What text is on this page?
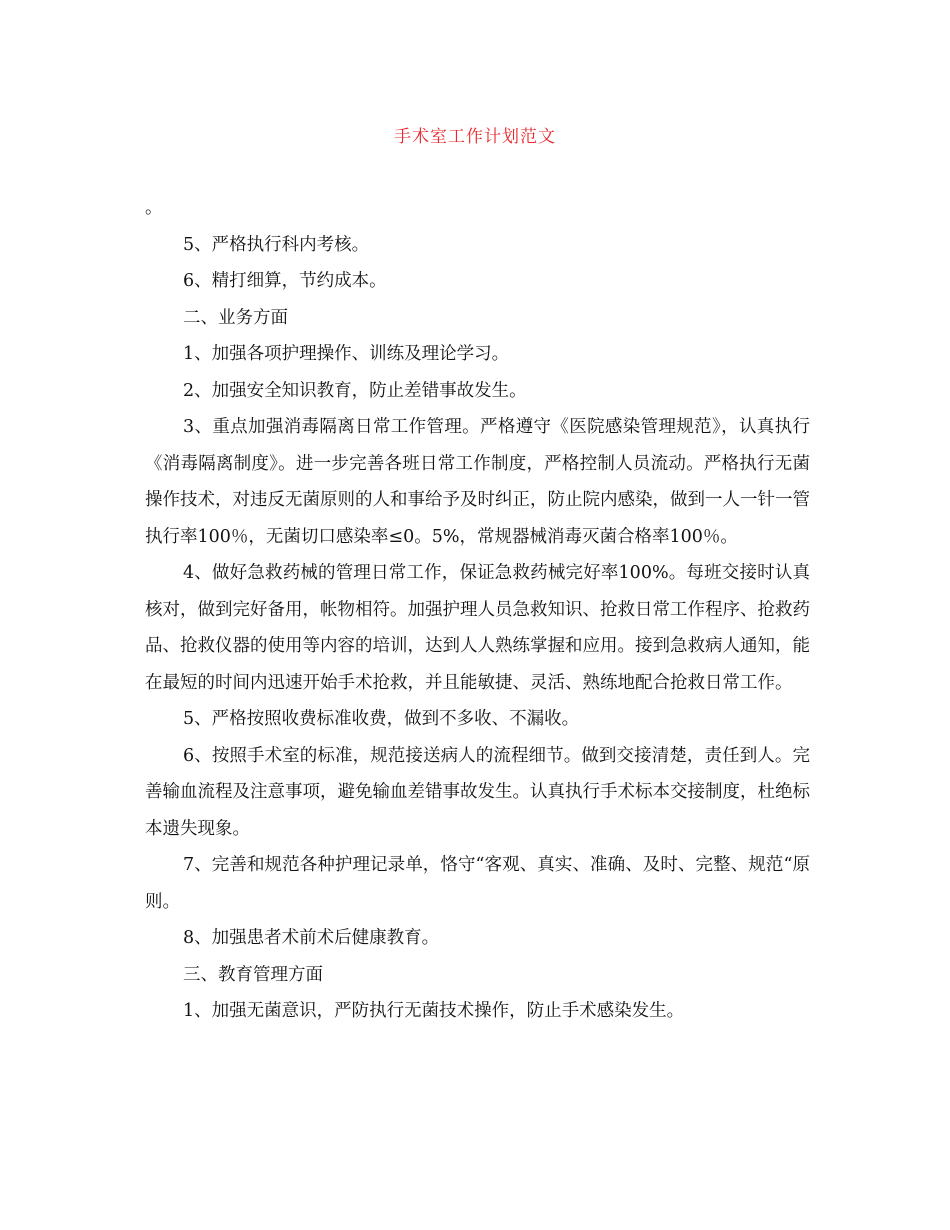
手术室工作计划范文

。

5、严格执行科内考核。

6、精打细算，节约成本。

二、业务方面

1、加强各项护理操作、训练及理论学习。

2、加强安全知识教育，防止差错事故发生。

3、重点加强消毒隔离日常工作管理。严格遵守《医院感染管理规范》，认真执行《消毒隔离制度》。进一步完善各班日常工作制度，严格控制人员流动。严格执行无菌操作技术，对违反无菌原则的人和事给予及时纠正，防止院内感染，做到一人一针一管执行率100％，无菌切口感染率≤0。5%，常规器械消毒灭菌合格率100％。

4、做好急救药械的管理日常工作，保证急救药械完好率100%。每班交接时认真核对，做到完好备用，帐物相符。加强护理人员急救知识、抢救日常工作程序、抢救药品、抢救仪器的使用等内容的培训，达到人人熟练掌握和应用。接到急救病人通知，能在最短的时间内迅速开始手术抢救，并且能敏捷、灵活、熟练地配合抢救日常工作。

5、严格按照收费标准收费，做到不多收、不漏收。

6、按照手术室的标准，规范接送病人的流程细节。做到交接清楚，责任到人。完善输血流程及注意事项，避免输血差错事故发生。认真执行手术标本交接制度，杜绝标本遗失现象。

7、完善和规范各种护理记录单，恪守“客观、真实、准确、及时、完整、规范“原则。

8、加强患者术前术后健康教育。

三、教育管理方面

1、加强无菌意识，严防执行无菌技术操作，防止手术感染发生。
